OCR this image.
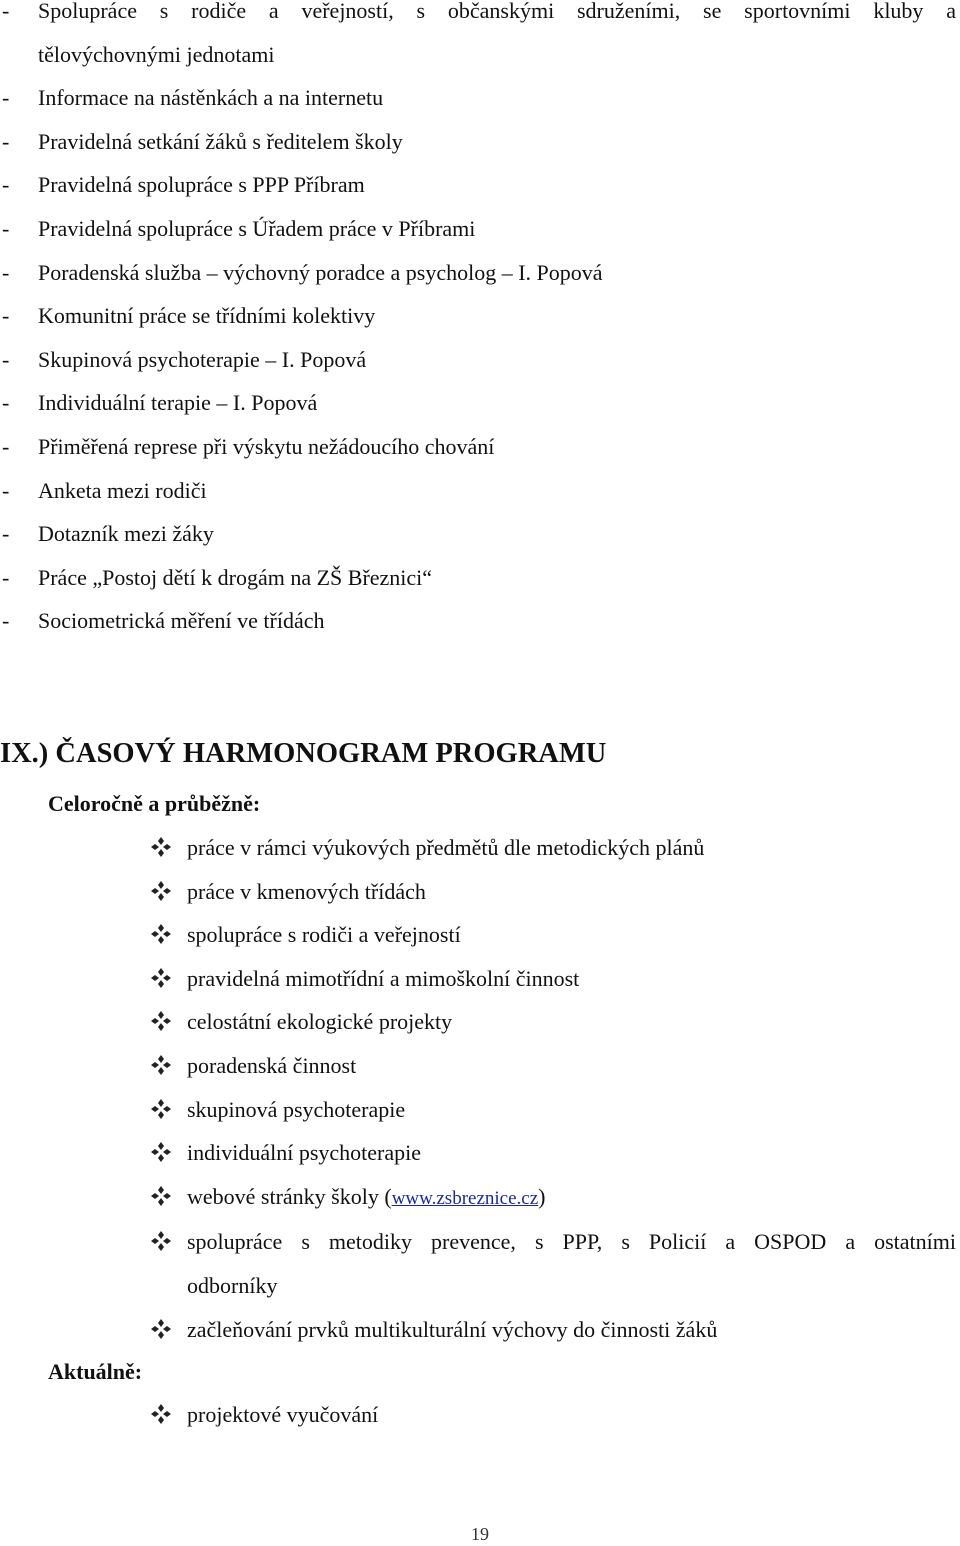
- Spolupráce s rodiče a veřejností, s občanskými sdruženími, se sportovními kluby a
tělovýchovnými jednotami
- Informace na nástěnkách a na internetu
- Pravidelná setkání žáků s ředitelem školy
- Pravidelná spolupráce s PPP Příbram
- Pravidelná spolupráce s Úřadem práce v Příbrami
- Poradenská služba – výchovný poradce a psycholog – I. Popová
- Komunitní práce se třídními kolektivy
- Skupinová psychoterapie – I. Popová
- Individuální terapie – I. Popová
- Přiměřená represe při výskytu nežádoucího chování
- Anketa mezi rodiči
- Dotazník mezi žáky
- Práce „Postoj dětí k drogám na ZŠ Březnici“
- Sociometrická měření ve třídách
IX.) ČASOVÝ HARMONOGRAM PROGRAMU
Celoročně a průběžně:
práce v rámci výukových předmětů dle metodických plánů
práce v kmenových třídách
spolupráce s rodiči a veřejností
pravidelná mimotřídní a mimoškolní činnost
celostátní ekologické projekty
poradenská činnost
skupinová psychoterapie
individuální psychoterapie
webové stránky školy (www.zsbreznice.cz)
spolupráce s metodiky prevence, s PPP, s Policií a OSPOD a ostatními
odborníky
začleňování prvků multikulturální výchovy do činnosti žáků
Aktuálně:
projektové vyučování
19
